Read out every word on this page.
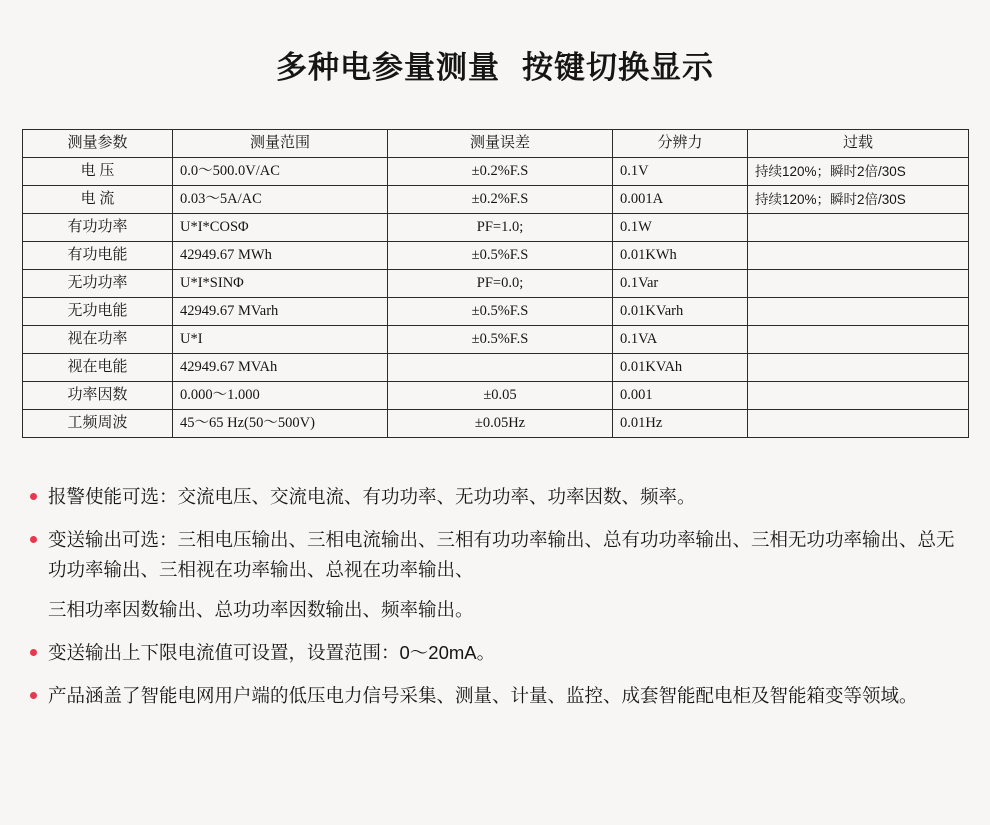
多种电参量测量 按键切换显示
测量参数	测量范围	测量误差	分辨力	过载
电 压	0.0～500.0V/AC	±0.2%F.S	0.1V	持续120%；瞬时2倍/30S
电 流	0.03～5A/AC	±0.2%F.S	0.001A	持续120%；瞬时2倍/30S
有功功率	U*I*COSΦ	PF=1.0;	0.1W	
有功电能	42949.67 MWh	±0.5%F.S	0.01KWh	
无功功率	U*I*SINΦ	PF=0.0;	0.1Var	
无功电能	42949.67 MVarh	±0.5%F.S	0.01KVarh	
视在功率	U*I	±0.5%F.S	0.1VA	
视在电能	42949.67 MVAh		0.01KVAh	
功率因数	0.000～1.000	±0.05	0.001	
工频周波	45～65 Hz(50～500V)	±0.05Hz	0.01Hz	

报警使能可选：交流电压、交流电流、有功功率、无功功率、功率因数、频率。

变送输出可选：三相电压输出、三相电流输出、三相有功功率输出、总有功功率输出、三相无功功率输出、总无功功率输出、三相视在功率输出、总视在功率输出、

三相功率因数输出、总功功率因数输出、频率输出。

变送输出上下限电流值可设置，设置范围：0～20mA。

产品涵盖了智能电网用户端的低压电力信号采集、测量、计量、监控、成套智能配电柜及智能箱变等领域。
